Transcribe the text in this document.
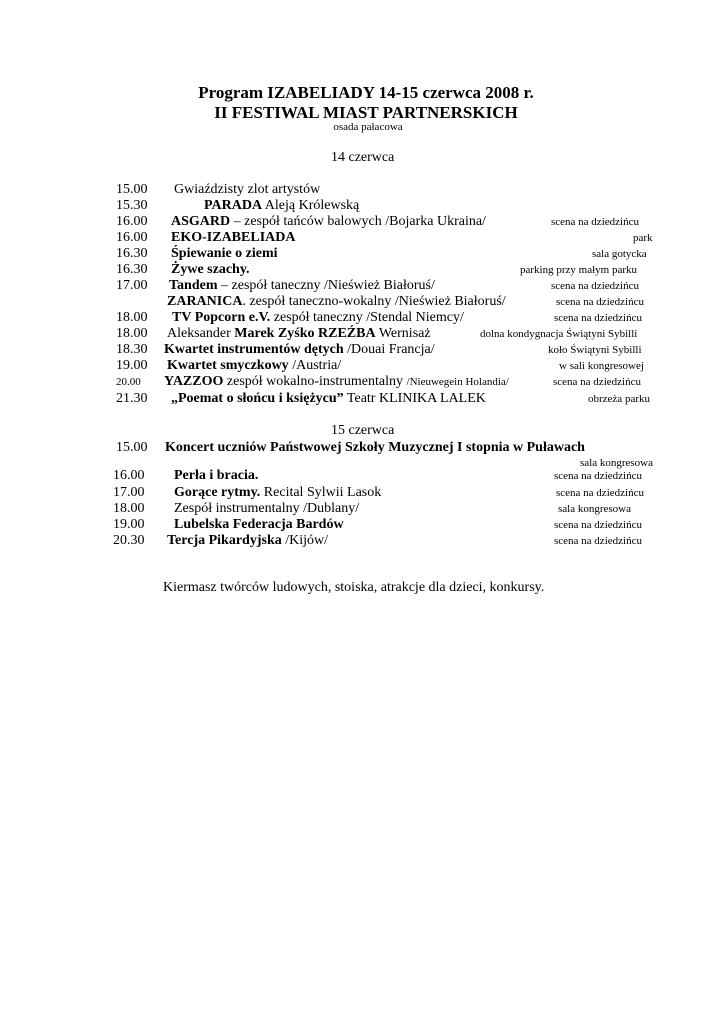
Program IZABELIADY 14-15 czerwca 2008 r.
II FESTIWAL MIAST PARTNERSKICH
osada pałacowa
14 czerwca
15.00 Gwiaździsty zlot artystów
15.30	PARADA Aleją Królewską
16.00 ASGARD – zespół tańców balowych /Bojarka Ukraina/	scena na dziedzińcu
16.00 EKO-IZABELIADA	park
16.30 Śpiewanie o ziemi	sala gotycka
16.30 Żywe szachy.	parking przy małym parku
17.00 Tandem – zespół taneczny /Nieśwież Białoruś/	scena na dziedzińcu
ZARANICA. zespół taneczno-wokalny /Nieśwież Białoruś/	scena na dziedzińcu
18.00 TV Popcorn e.V. zespół taneczny /Stendal Niemcy/	scena na dziedzińcu
18.00 Aleksander Marek Zyśko RZEŹBA Wernisaż	dolna kondygnacja Świątyni Sybilli
18.30 Kwartet instrumentów dętych /Douai Francja/	koło Świątyni Sybilli
19.00 Kwartet smyczkowy /Austria/	w sali kongresowej
20.00 YAZZOO zespół wokalno-instrumentalny /Nieuwegein Holandia/	scena na dziedzińcu
21.30 „Poemat o słońcu i księżycu” Teatr KLINIKA LALEK	obrzeża parku
15 czerwca
15.00 Koncert uczniów Państwowej Szkoły Muzycznej I stopnia w Puławach
sala kongresowa
16.00 Perła i bracia.	scena na dziedzińcu
17.00 Gorące rytmy. Recital Sylwii Lasok	scena na dziedzińcu
18.00 Zespół instrumentalny /Dublany/	sala kongresowa
19.00 Lubelska Federacja Bardów	scena na dziedzińcu
20.30 Tercja Pikardyjska /Kijów/	scena na dziedzińcu
Kiermasz twórców ludowych, stoiska, atrakcje dla dzieci, konkursy.
